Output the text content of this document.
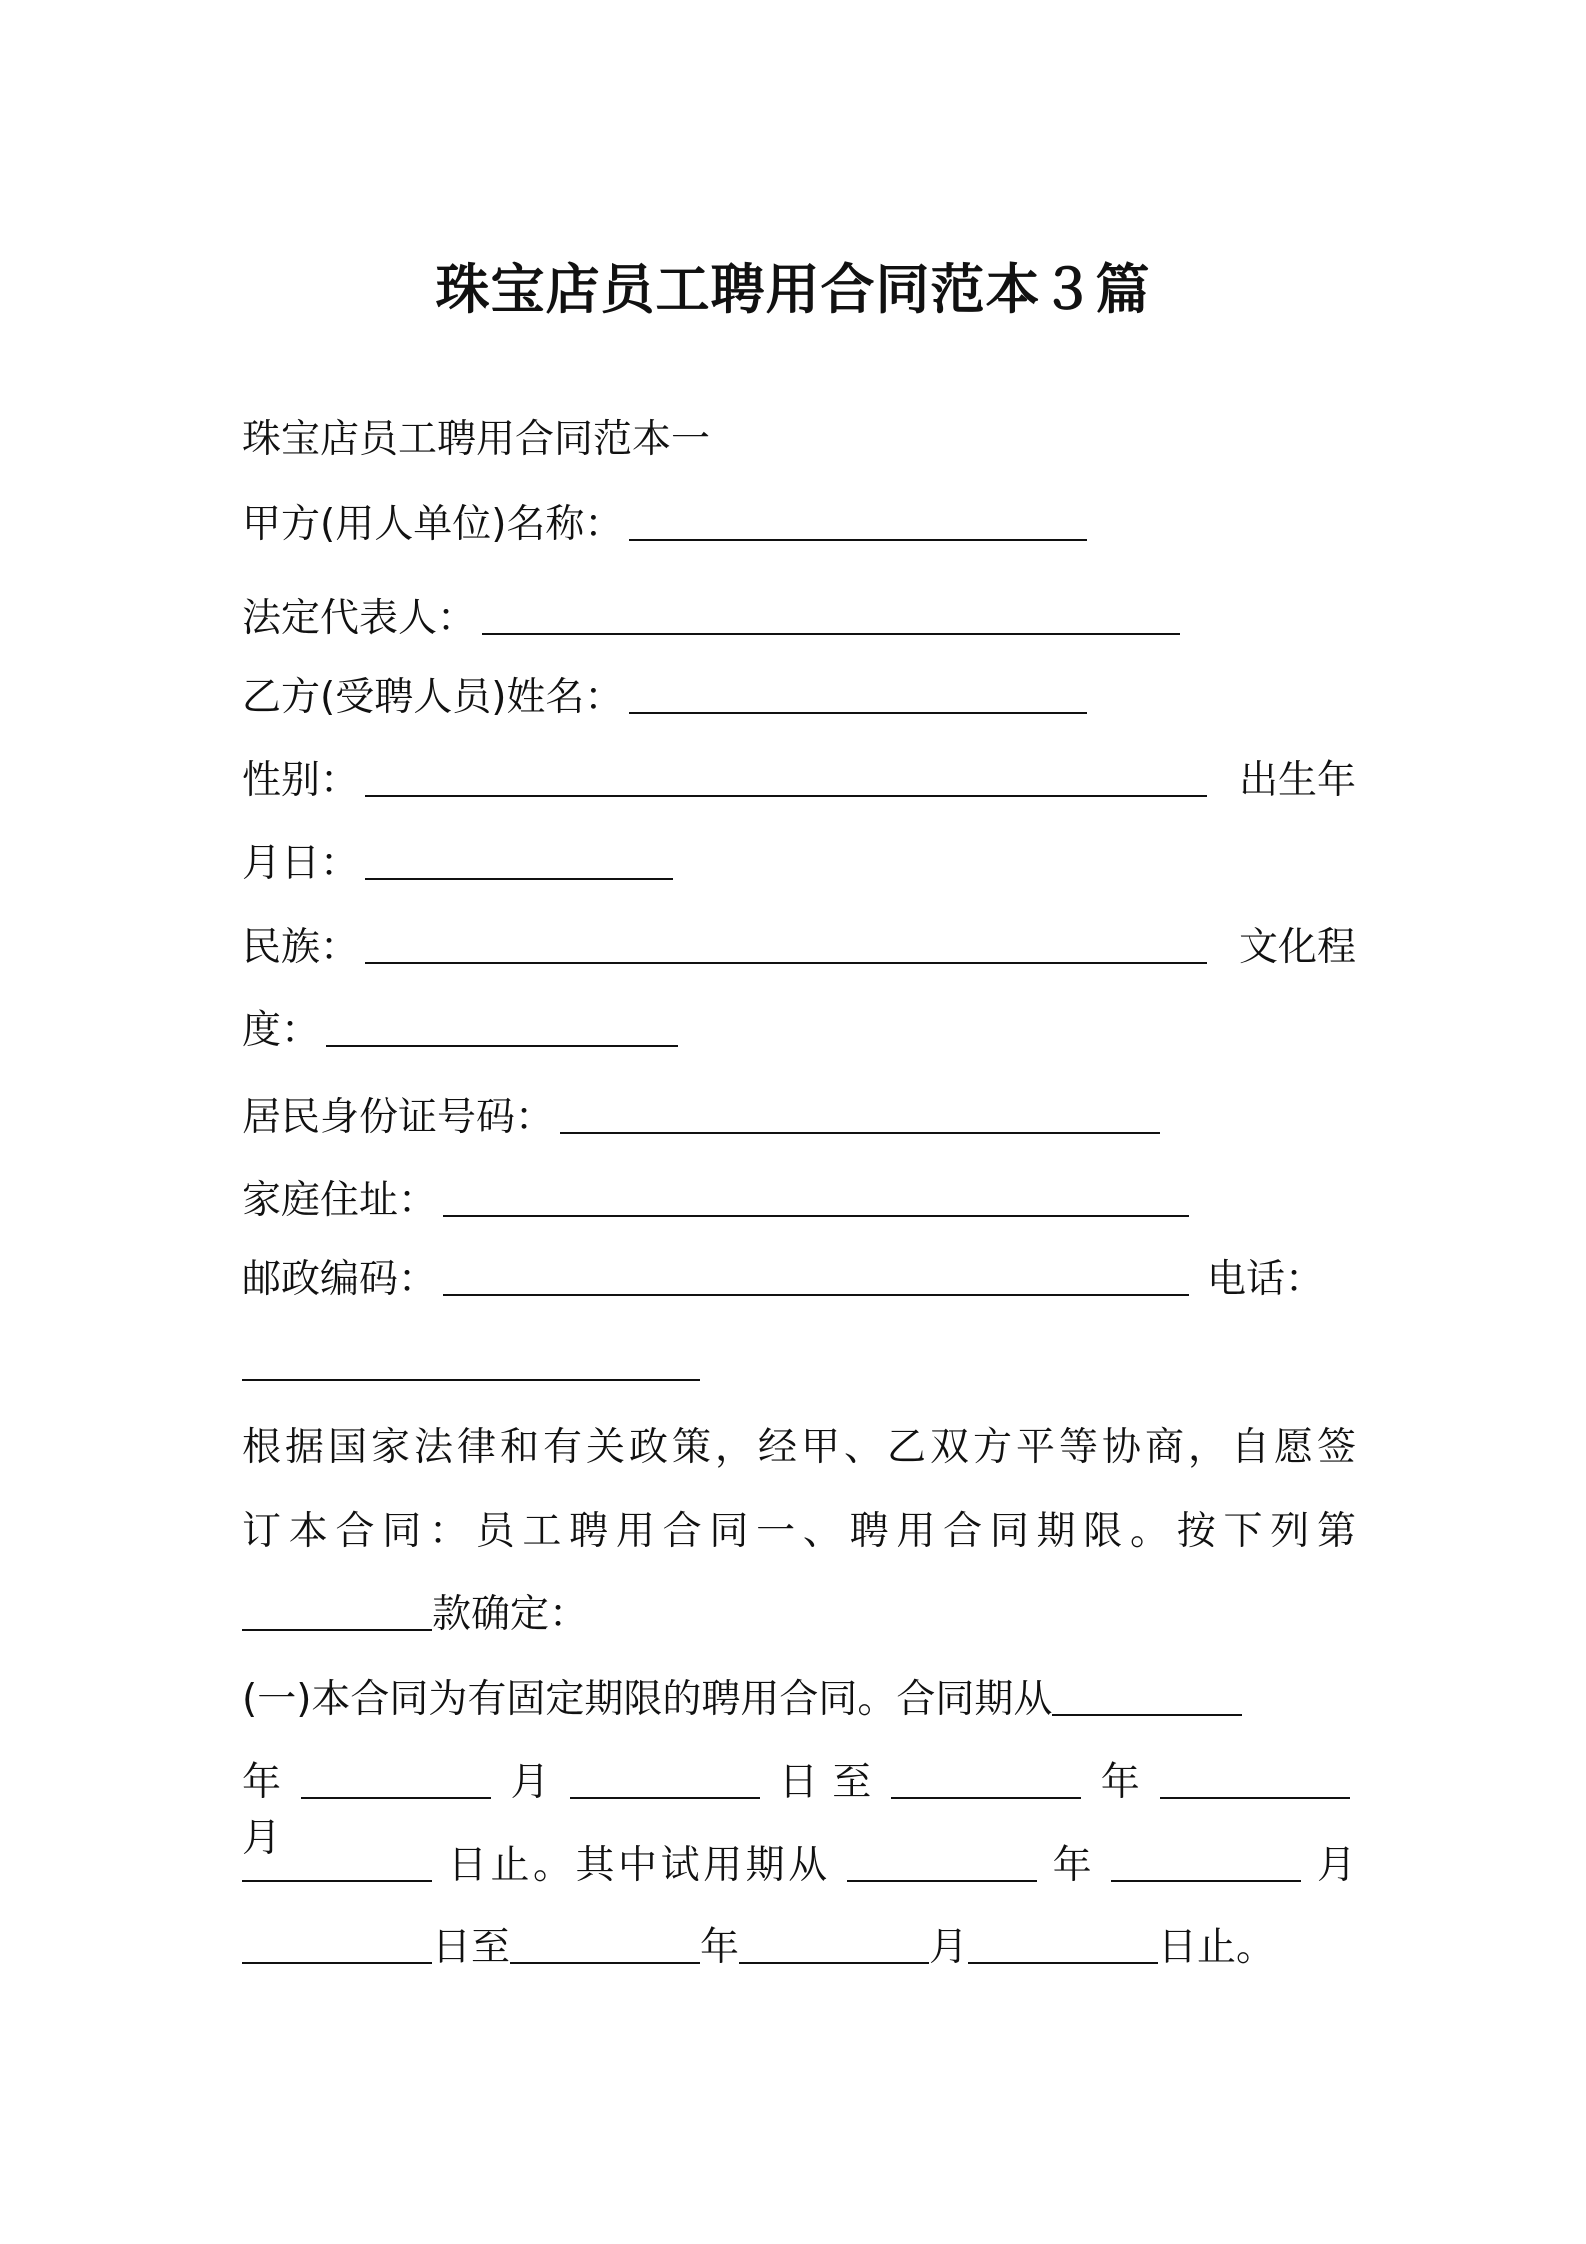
珠宝店员工聘用合同范本３篇
珠宝店员工聘用合同范本一
甲方(用人单位)名称：
法定代表人：
乙方(受聘人员)姓名：
性别：	出生年
月日：
民族：	文化程
度：
居民身份证号码：
家庭住址：
邮政编码：	电话：
根据国家法律和有关政策，经甲、乙双方平等协商，自愿签
订本合同：员工聘用合同一、聘用合同期限。按下列第
款确定：
(一)本合同为有固定期限的聘用合同。合同期从
年	月	日 至	年  月
日止。其中试用期从	年	月
日至	年	月	日止。
